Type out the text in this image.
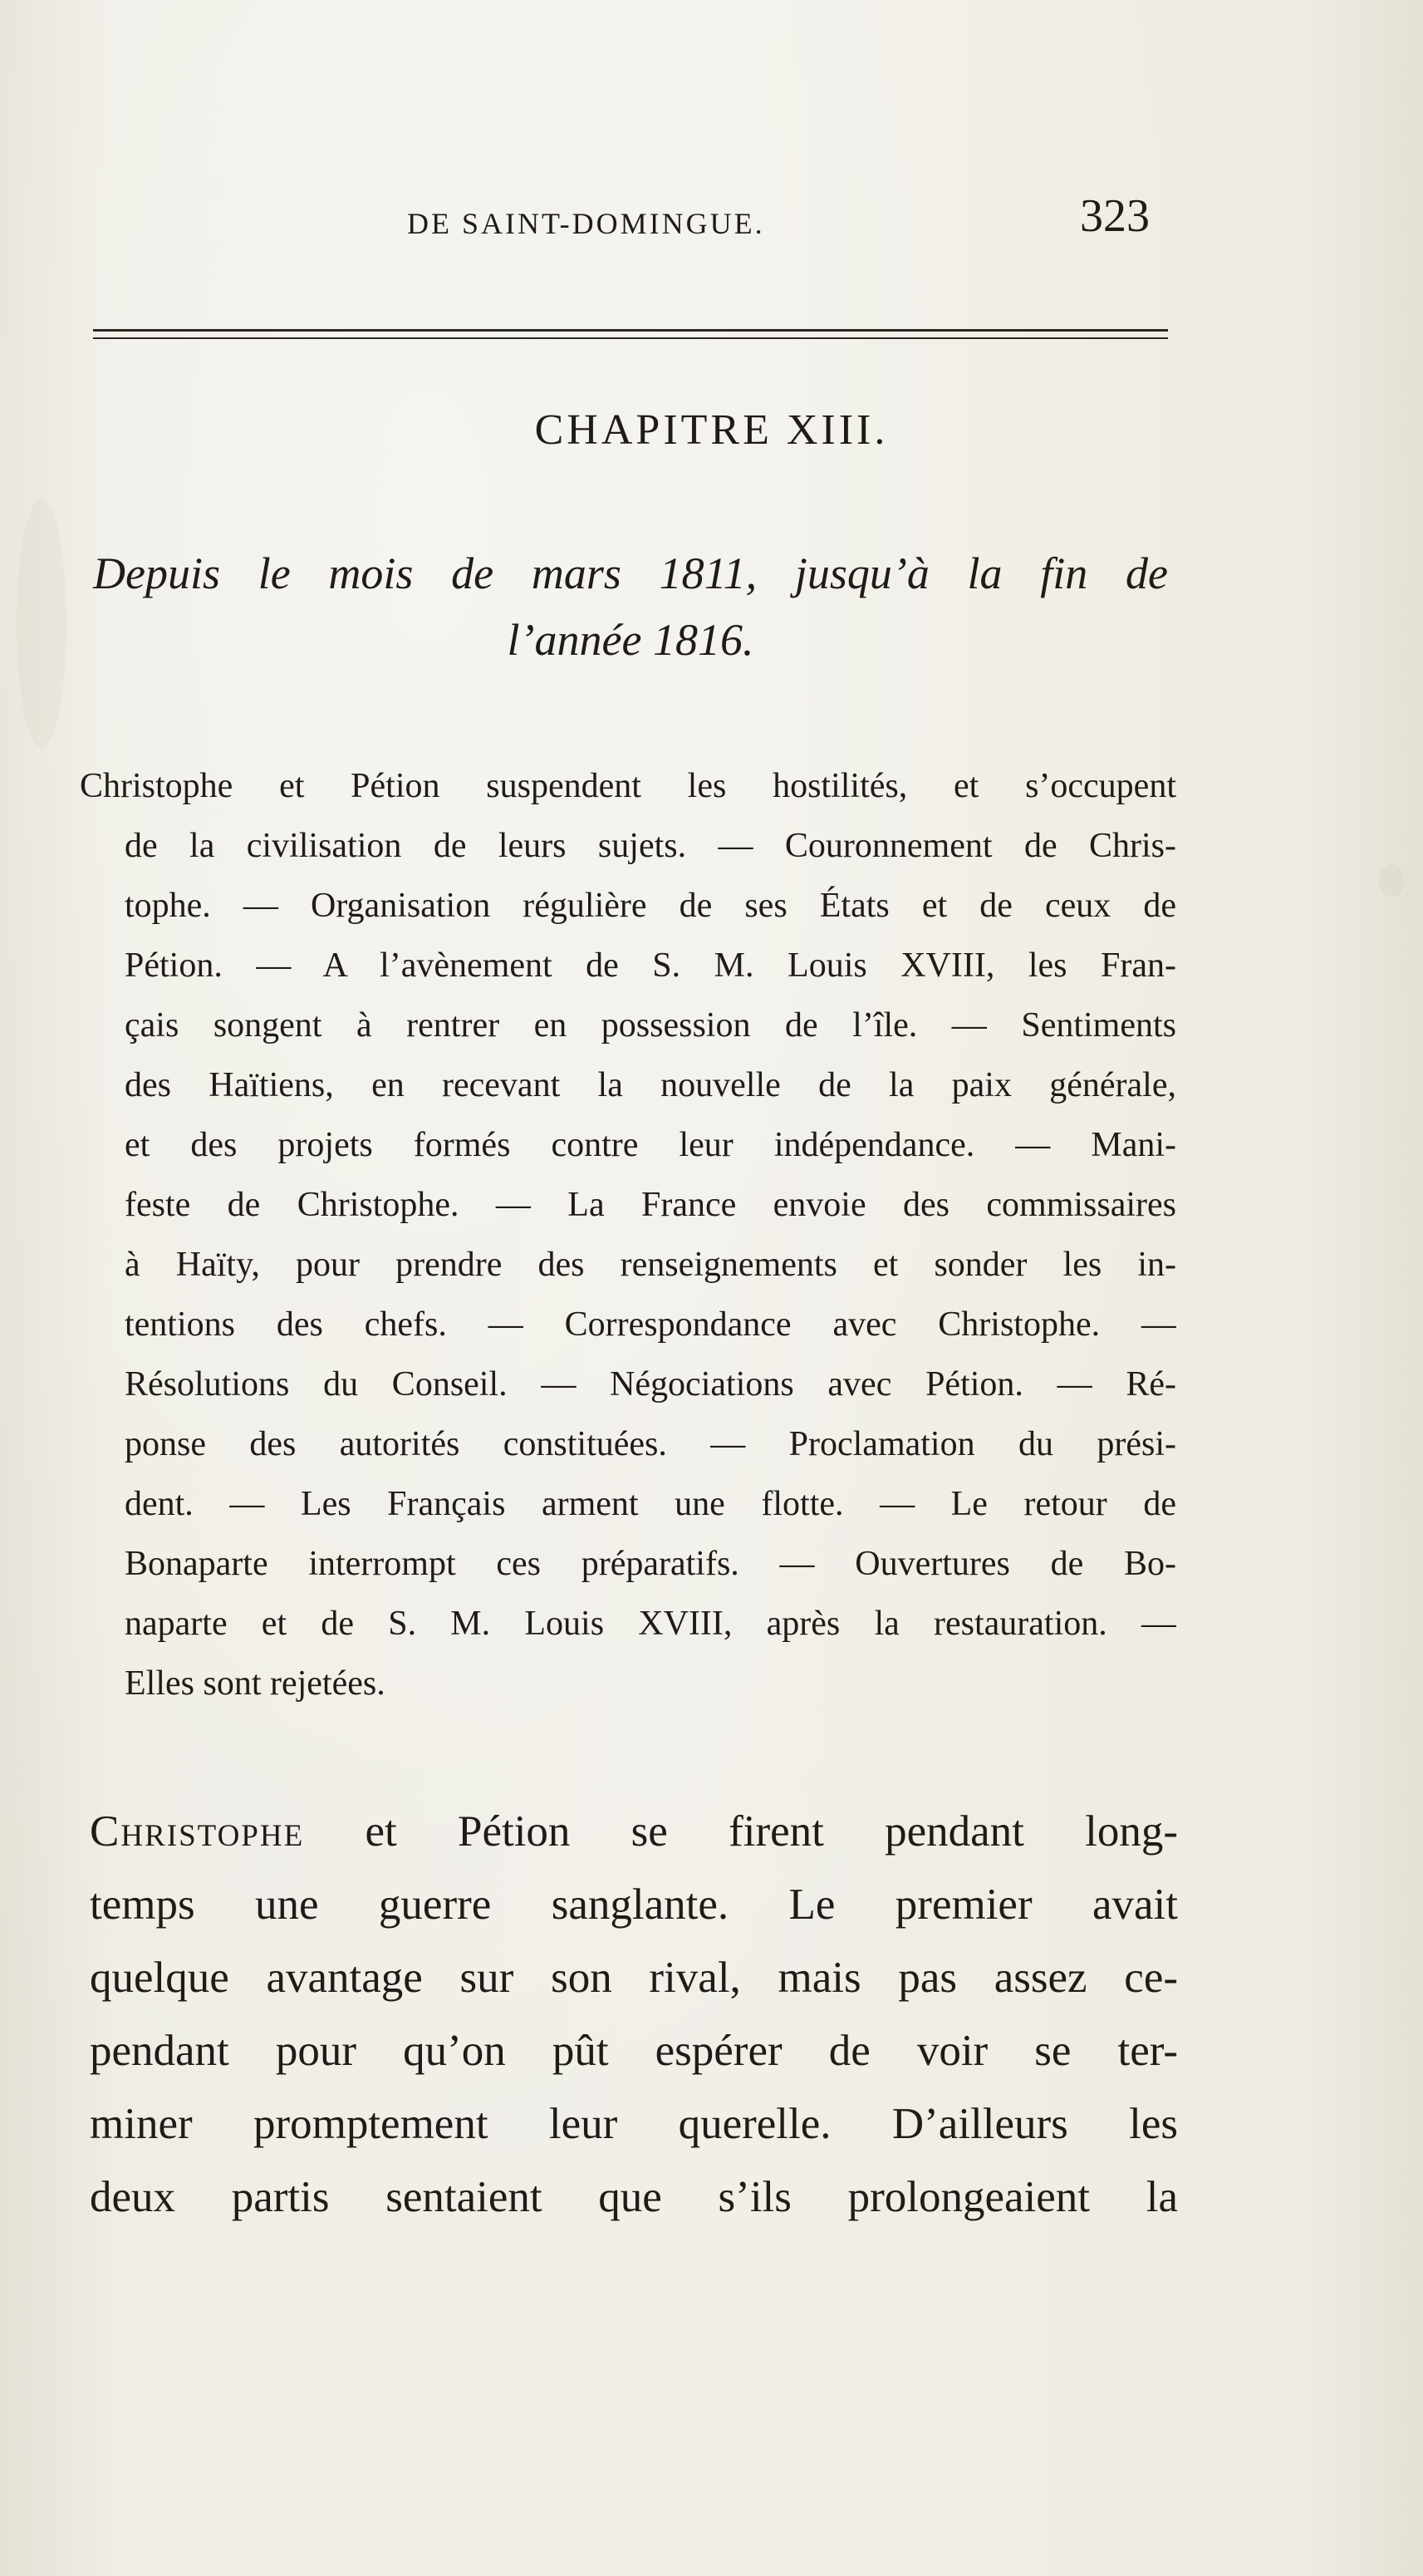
DE SAINT-DOMINGUE.	323
CHAPITRE XIII.
Depuis le mois de mars 1811, jusqu’à la fin de
l’année 1816.
Christophe et Pétion suspendent les hostilités, et s’occupent
de la civilisation de leurs sujets. — Couronnement de Chris-
tophe. — Organisation régulière de ses États et de ceux de
Pétion. — A l’avènement de S. M. Louis XVIII, les Fran-
çais songent à rentrer en possession de l’île. — Sentiments
des Haïtiens, en recevant la nouvelle de la paix générale,
et des projets formés contre leur indépendance. — Mani-
feste de Christophe. — La France envoie des commissaires
à Haïty, pour prendre des renseignements et sonder les in-
tentions des chefs. — Correspondance avec Christophe. —
Résolutions du Conseil. — Négociations avec Pétion. — Ré-
ponse des autorités constituées. — Proclamation du prési-
dent. — Les Français arment une flotte. — Le retour de
Bonaparte interrompt ces préparatifs. — Ouvertures de Bo-
naparte et de S. M. Louis XVIII, après la restauration. —
Elles sont rejetées.
Christophe et Pétion se firent pendant long-
temps une guerre sanglante. Le premier avait
quelque avantage sur son rival, mais pas assez ce-
pendant pour qu’on pût espérer de voir se ter-
miner promptement leur querelle. D’ailleurs les
deux partis sentaient que s’ils prolongeaient la
